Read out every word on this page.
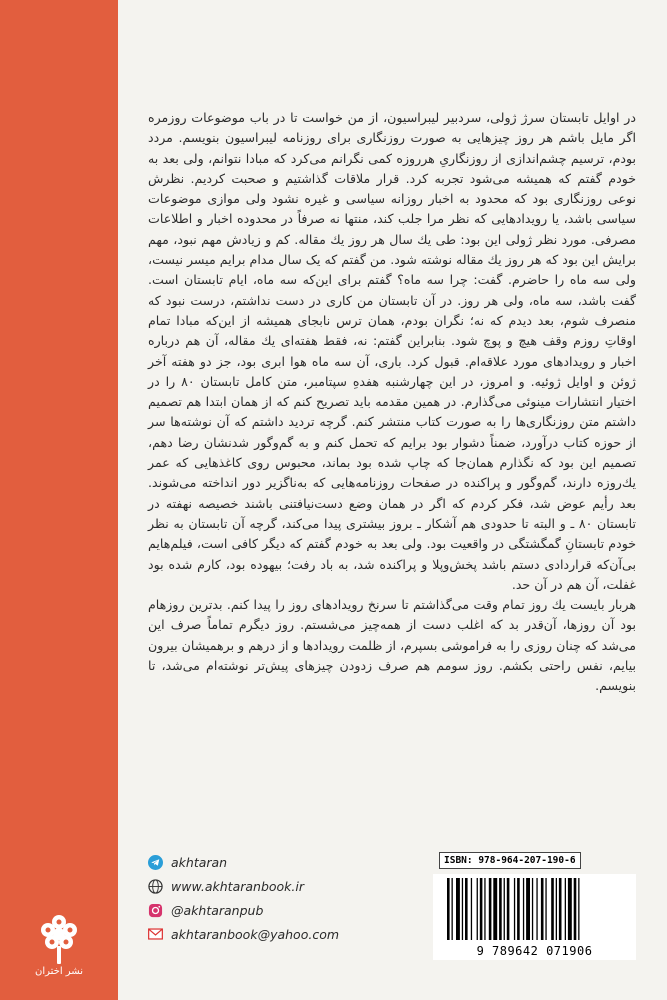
نشر اختران

در اوایل تابستان سرژ ژولی، سردبیر لیبراسیون، از من خواست تا در باب موضوعات روزمره اگر مایل باشم هر روز چیزهایی به صورت روزنگاری برای روزنامه لیبراسیون بنویسم. مردد بودم، ترسیم چشم‌اندازی از روزنگاریِ هرروزه کمی نگرانم می‌کرد که مبادا نتوانم، ولی بعد به خودم گفتم که همیشه می‌شود تجربه کرد. قرار ملاقات گذاشتیم و صحبت کردیم. نظرش نوعی روزنگاری بود که محدود به اخبار روزانه سیاسی و غیره نشود ولی موازی موضوعات سیاسی باشد، یا رویدادهایی که نظر مرا جلب کند، منتها نه صرفاً در محدوده اخبار و اطلاعات مصرفی. مورد نظر ژولی این بود: طی یك سال هر روز یك مقاله. کم و زیادش مهم نبود، مهم برایش این بود که هر روز یك مقاله نوشته شود. من گفتم که یک سال مدام برایم میسر نیست، ولی سه ماه را حاضرم. گفت: چرا سه ماه؟ گفتم برای این‌که سه ماه، ایام تابستان است. گفت باشد، سه ماه، ولی هر روز. در آن تابستان من کاری در دست نداشتم، درست نبود که منصرف شوم، بعد دیدم که نه؛ نگران بودم، همان ترس نابجای همیشه از این‌که مبادا تمام اوقاتِ روزم وقف هیچ و پوچ شود. بنابراین گفتم: نه، فقط هفته‌ای یك مقاله، آن هم درباره اخبار و رویدادهای مورد علاقه‌ام. قبول کرد. باری، آن سه ماه هوا ابری بود، جز دو هفته آخر ژوئن و اوایل ژوئیه. و امروز، در این چهارشنبه هفدهِ سپتامبر، متن کامل تابستان ۸۰ را در اختیار انتشارات مینوئی می‌گذارم. در همین مقدمه باید تصریح کنم که از همان ابتدا هم تصمیم داشتم متن روزنگاری‌ها را به صورت کتاب منتشر کنم. گرچه تردید داشتم که آن نوشته‌ها سر از حوزه کتاب درآورد، ضمناً دشوار بود برایم که تحمل کنم و به گم‌وگور شدنشان رضا دهم، تصمیم این بود که نگذارم همان‌جا که چاپ شده بود بماند، محبوس روی کاغذهایی که عمر یك‌روزه دارند، گم‌وگور و پراکنده در صفحات روزنامه‌هایی که به‌ناگزیر دور انداخته می‌شوند. بعد رأیم عوض شد، فکر کردم که اگر در همان وضع دست‌نیافتنی باشند خصیصه نهفته در تابستان ۸۰ ـ و البته تا حدودی هم آشکار ـ بروز بیشتری پیدا می‌کند، گرچه آن تابستان به نظر خودم تابستانِ گمگشتگی در واقعیت بود. ولی بعد به خودم گفتم که دیگر کافی است، فیلم‌هایم بی‌آن‌که قراردادی دستم باشد پخش‌وپلا و پراکنده شد، به باد رفت؛ بیهوده بود، کارم شده بود غفلت، آن هم در آن حد.

هربار بایست یك روز تمام وقت می‌گذاشتم تا سرنخ رویدادهای روز را پیدا کنم. بدترین روزهام بود آن روزها، آن‌قدر بد که اغلب دست از همه‌چیز می‌شستم. روز دیگرم تماماً صرف این می‌شد که چنان روزی را به فراموشی بسپرم، از ظلمت رویدادها و از درهم و برهمیشان بیرون بیایم، نفس راحتی بکشم. روز سومم هم صرف زدودن چیزهای پیش‌تر نوشته‌ام می‌شد، تا بنویسم.

akhtaran
www.akhtaranbook.ir
@akhtaranpub
akhtaranbook@yahoo.com
ISBN: 978-964-207-190-6
9 789642 071906
